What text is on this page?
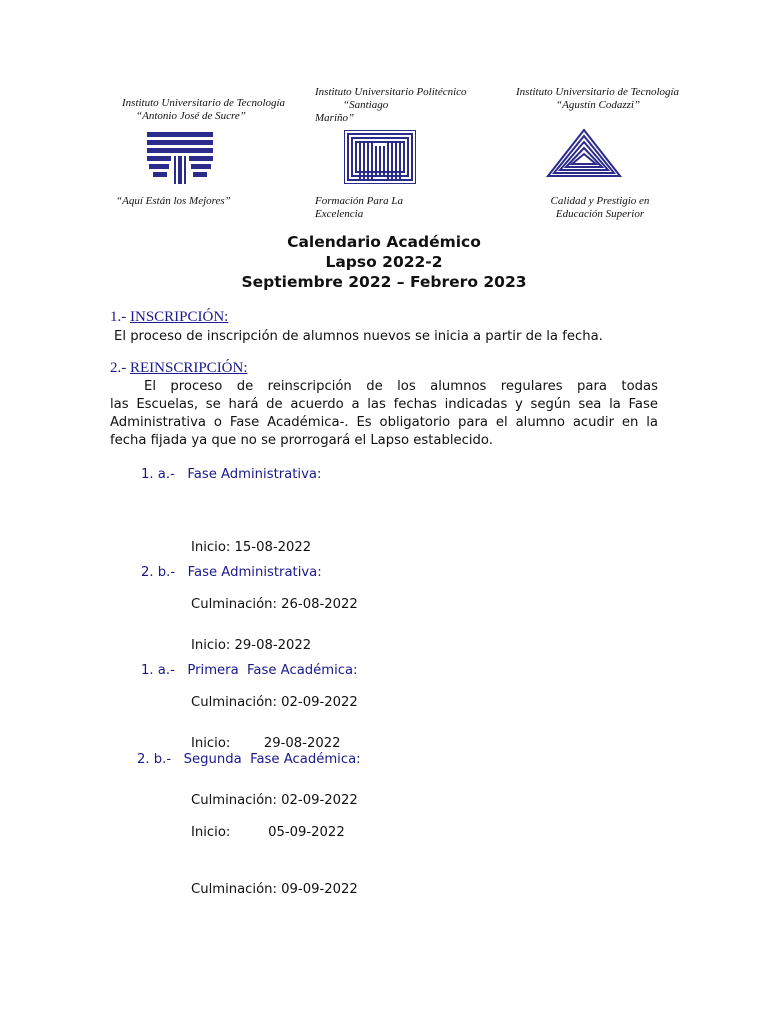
Instituto Universitario de Tecnología
“Antonio José de Sucre”
Instituto Universitario Politécnico
“Santiago
Mariño”
Instituto Universitario de Tecnología
“Agustín Codazzi”
“Aquí Están los Mejores”	Formación Para La
Excelencia
Calidad y Prestigio en
Educación Superior
Calendario Académico
Lapso 2022-2
Septiembre 2022 – Febrero 2023
1.- INSCRIPCIÓN:
El proceso de inscripción de alumnos nuevos se inicia a partir de la fecha.
2.- REINSCRIPCIÓN:
El proceso de reinscripción de los alumnos regulares para todas
las Escuelas, se hará de acuerdo a las fechas indicadas y según sea la Fase
Administrativa o Fase Académica-. Es obligatorio para el alumno acudir en la
fecha fijada ya que no se prorrogará el Lapso establecido.
1. a.-   Fase Administrativa:

Inicio: 15-08-2022

Culminación: 26-08-2022

2. b.-   Fase Administrativa:

Inicio: 29-08-2022

Culminación: 02-09-2022

1. a.-   Primera  Fase Académica:

Inicio:        29-08-2022

Culminación: 02-09-2022

2. b.-   Segunda  Fase Académica:

Inicio:         05-09-2022

Culminación: 09-09-2022
